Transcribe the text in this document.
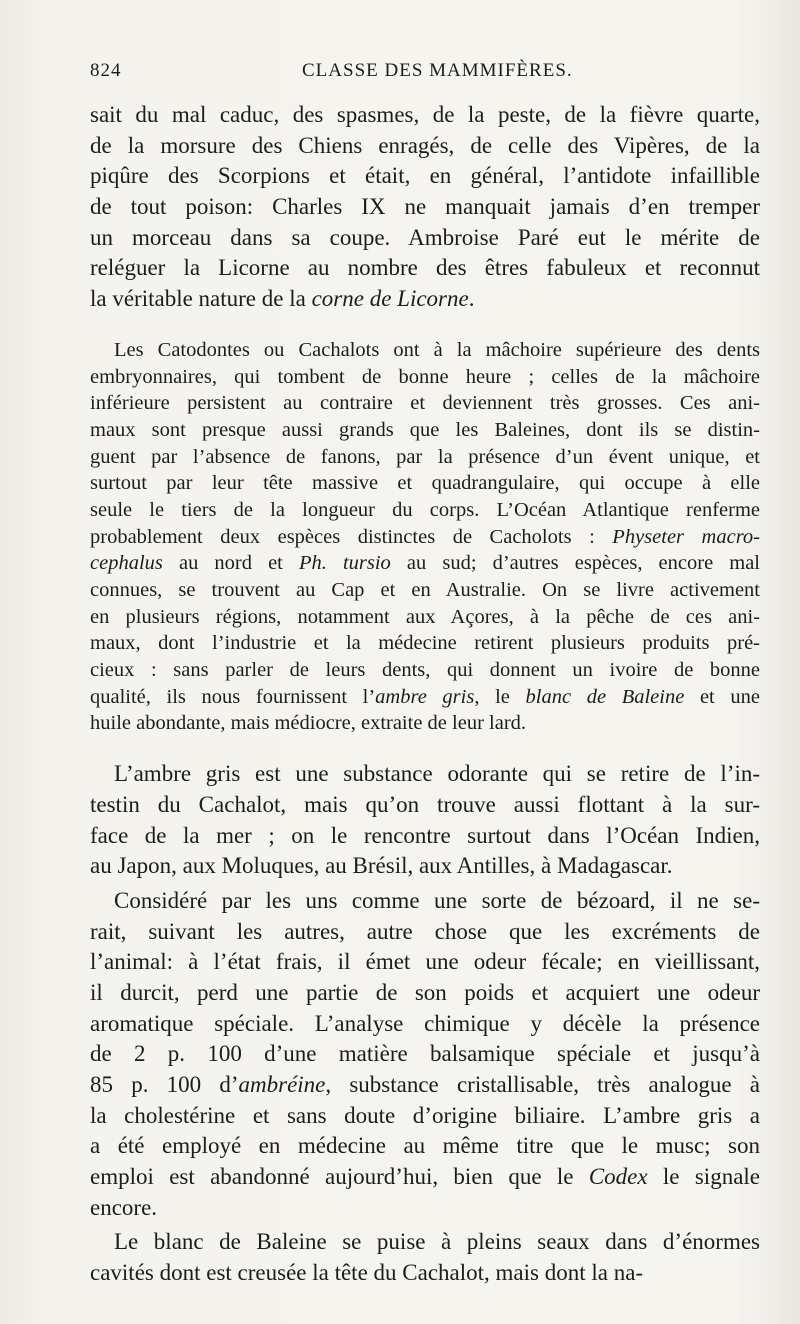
824	CLASSE DES MAMMIFÈRES.
sait du mal caduc, des spasmes, de la peste, de la fièvre quarte,
de la morsure des Chiens enragés, de celle des Vipères, de la
piqûre des Scorpions et était, en général, l’antidote infaillible
de tout poison: Charles IX ne manquait jamais d’en tremper
un morceau dans sa coupe. Ambroise Paré eut le mérite de
reléguer la Licorne au nombre des êtres fabuleux et reconnut
la véritable nature de la corne de Licorne.
Les Catodontes ou Cachalots ont à la mâchoire supérieure des dents
embryonnaires, qui tombent de bonne heure ; celles de la mâchoire
inférieure persistent au contraire et deviennent très grosses. Ces ani-
maux sont presque aussi grands que les Baleines, dont ils se distin-
guent par l’absence de fanons, par la présence d’un évent unique, et
surtout par leur tête massive et quadrangulaire, qui occupe à elle
seule le tiers de la longueur du corps. L’Océan Atlantique renferme
probablement deux espèces distinctes de Cacholots : Physeter macro-
cephalus au nord et Ph. tursio au sud; d’autres espèces, encore mal
connues, se trouvent au Cap et en Australie. On se livre activement
en plusieurs régions, notamment aux Açores, à la pêche de ces ani-
maux, dont l’industrie et la médecine retirent plusieurs produits pré-
cieux : sans parler de leurs dents, qui donnent un ivoire de bonne
qualité, ils nous fournissent l’ambre gris, le blanc de Baleine et une
huile abondante, mais médiocre, extraite de leur lard.
L’ambre gris est une substance odorante qui se retire de l’in-
testin du Cachalot, mais qu’on trouve aussi flottant à la sur-
face de la mer ; on le rencontre surtout dans l’Océan Indien,
au Japon, aux Moluques, au Brésil, aux Antilles, à Madagascar.
Considéré par les uns comme une sorte de bézoard, il ne se-
rait, suivant les autres, autre chose que les excréments de
l’animal: à l’état frais, il émet une odeur fécale; en vieillissant,
il durcit, perd une partie de son poids et acquiert une odeur
aromatique spéciale. L’analyse chimique y décèle la présence
de 2 p. 100 d’une matière balsamique spéciale et jusqu’à
85 p. 100 d’ambréine, substance cristallisable, très analogue à
la cholestérine et sans doute d’origine biliaire. L’ambre gris a
a été employé en médecine au même titre que le musc; son
emploi est abandonné aujourd’hui, bien que le Codex le signale
encore.
Le blanc de Baleine se puise à pleins seaux dans d’énormes
cavités dont est creusée la tête du Cachalot, mais dont la na-
